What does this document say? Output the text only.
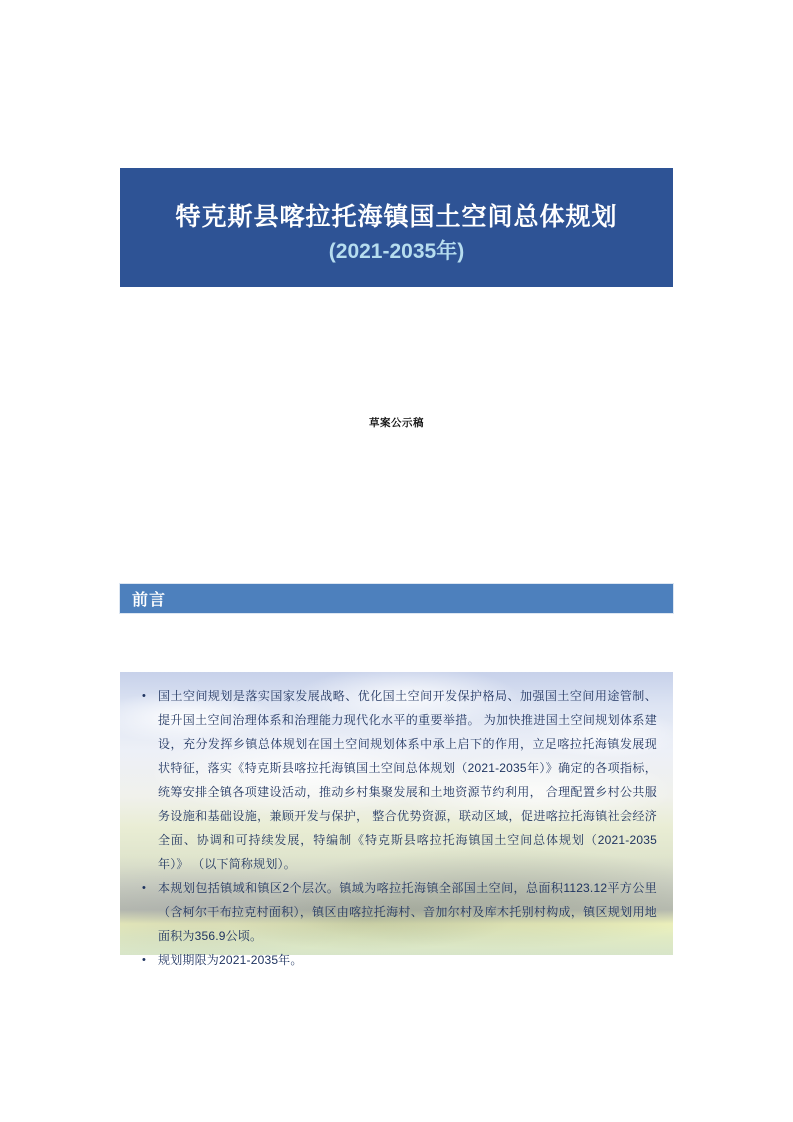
特克斯县喀拉托海镇国土空间总体规划
(2021-2035年)
草案公示稿
前言
• 国土空间规划是落实国家发展战略、优化国土空间开发保护格局、加强国土空间用途管制、 提升国土空间治理体系和治理能力现代化水平的重要举措。 为加快推进国土空间规划体系建设，充分发挥乡镇总体规划在国土空间规划体系中承上启下的作用，立足喀拉托海镇发展现状特征，落实《特克斯县喀拉托海镇国土空间总体规划（2021-2035年）》确定的各项指标，统筹安排全镇各项建设活动，推动乡村集聚发展和土地资源节约利用， 合理配置乡村公共服务设施和基础设施，兼顾开发与保护， 整合优势资源，联动区域，促进喀拉托海镇社会经济全面、协调和可持续发展，特编制《特克斯县喀拉托海镇国土空间总体规划（2021-2035年）》 （以下简称规划）。
• 本规划包括镇域和镇区2个层次。镇域为喀拉托海镇全部国土空间，总面积1123.12平方公里（含柯尔干布拉克村面积），镇区由喀拉托海村、音加尔村及库木托别村构成，镇区规划用地面积为356.9公顷。
• 规划期限为2021-2035年。
